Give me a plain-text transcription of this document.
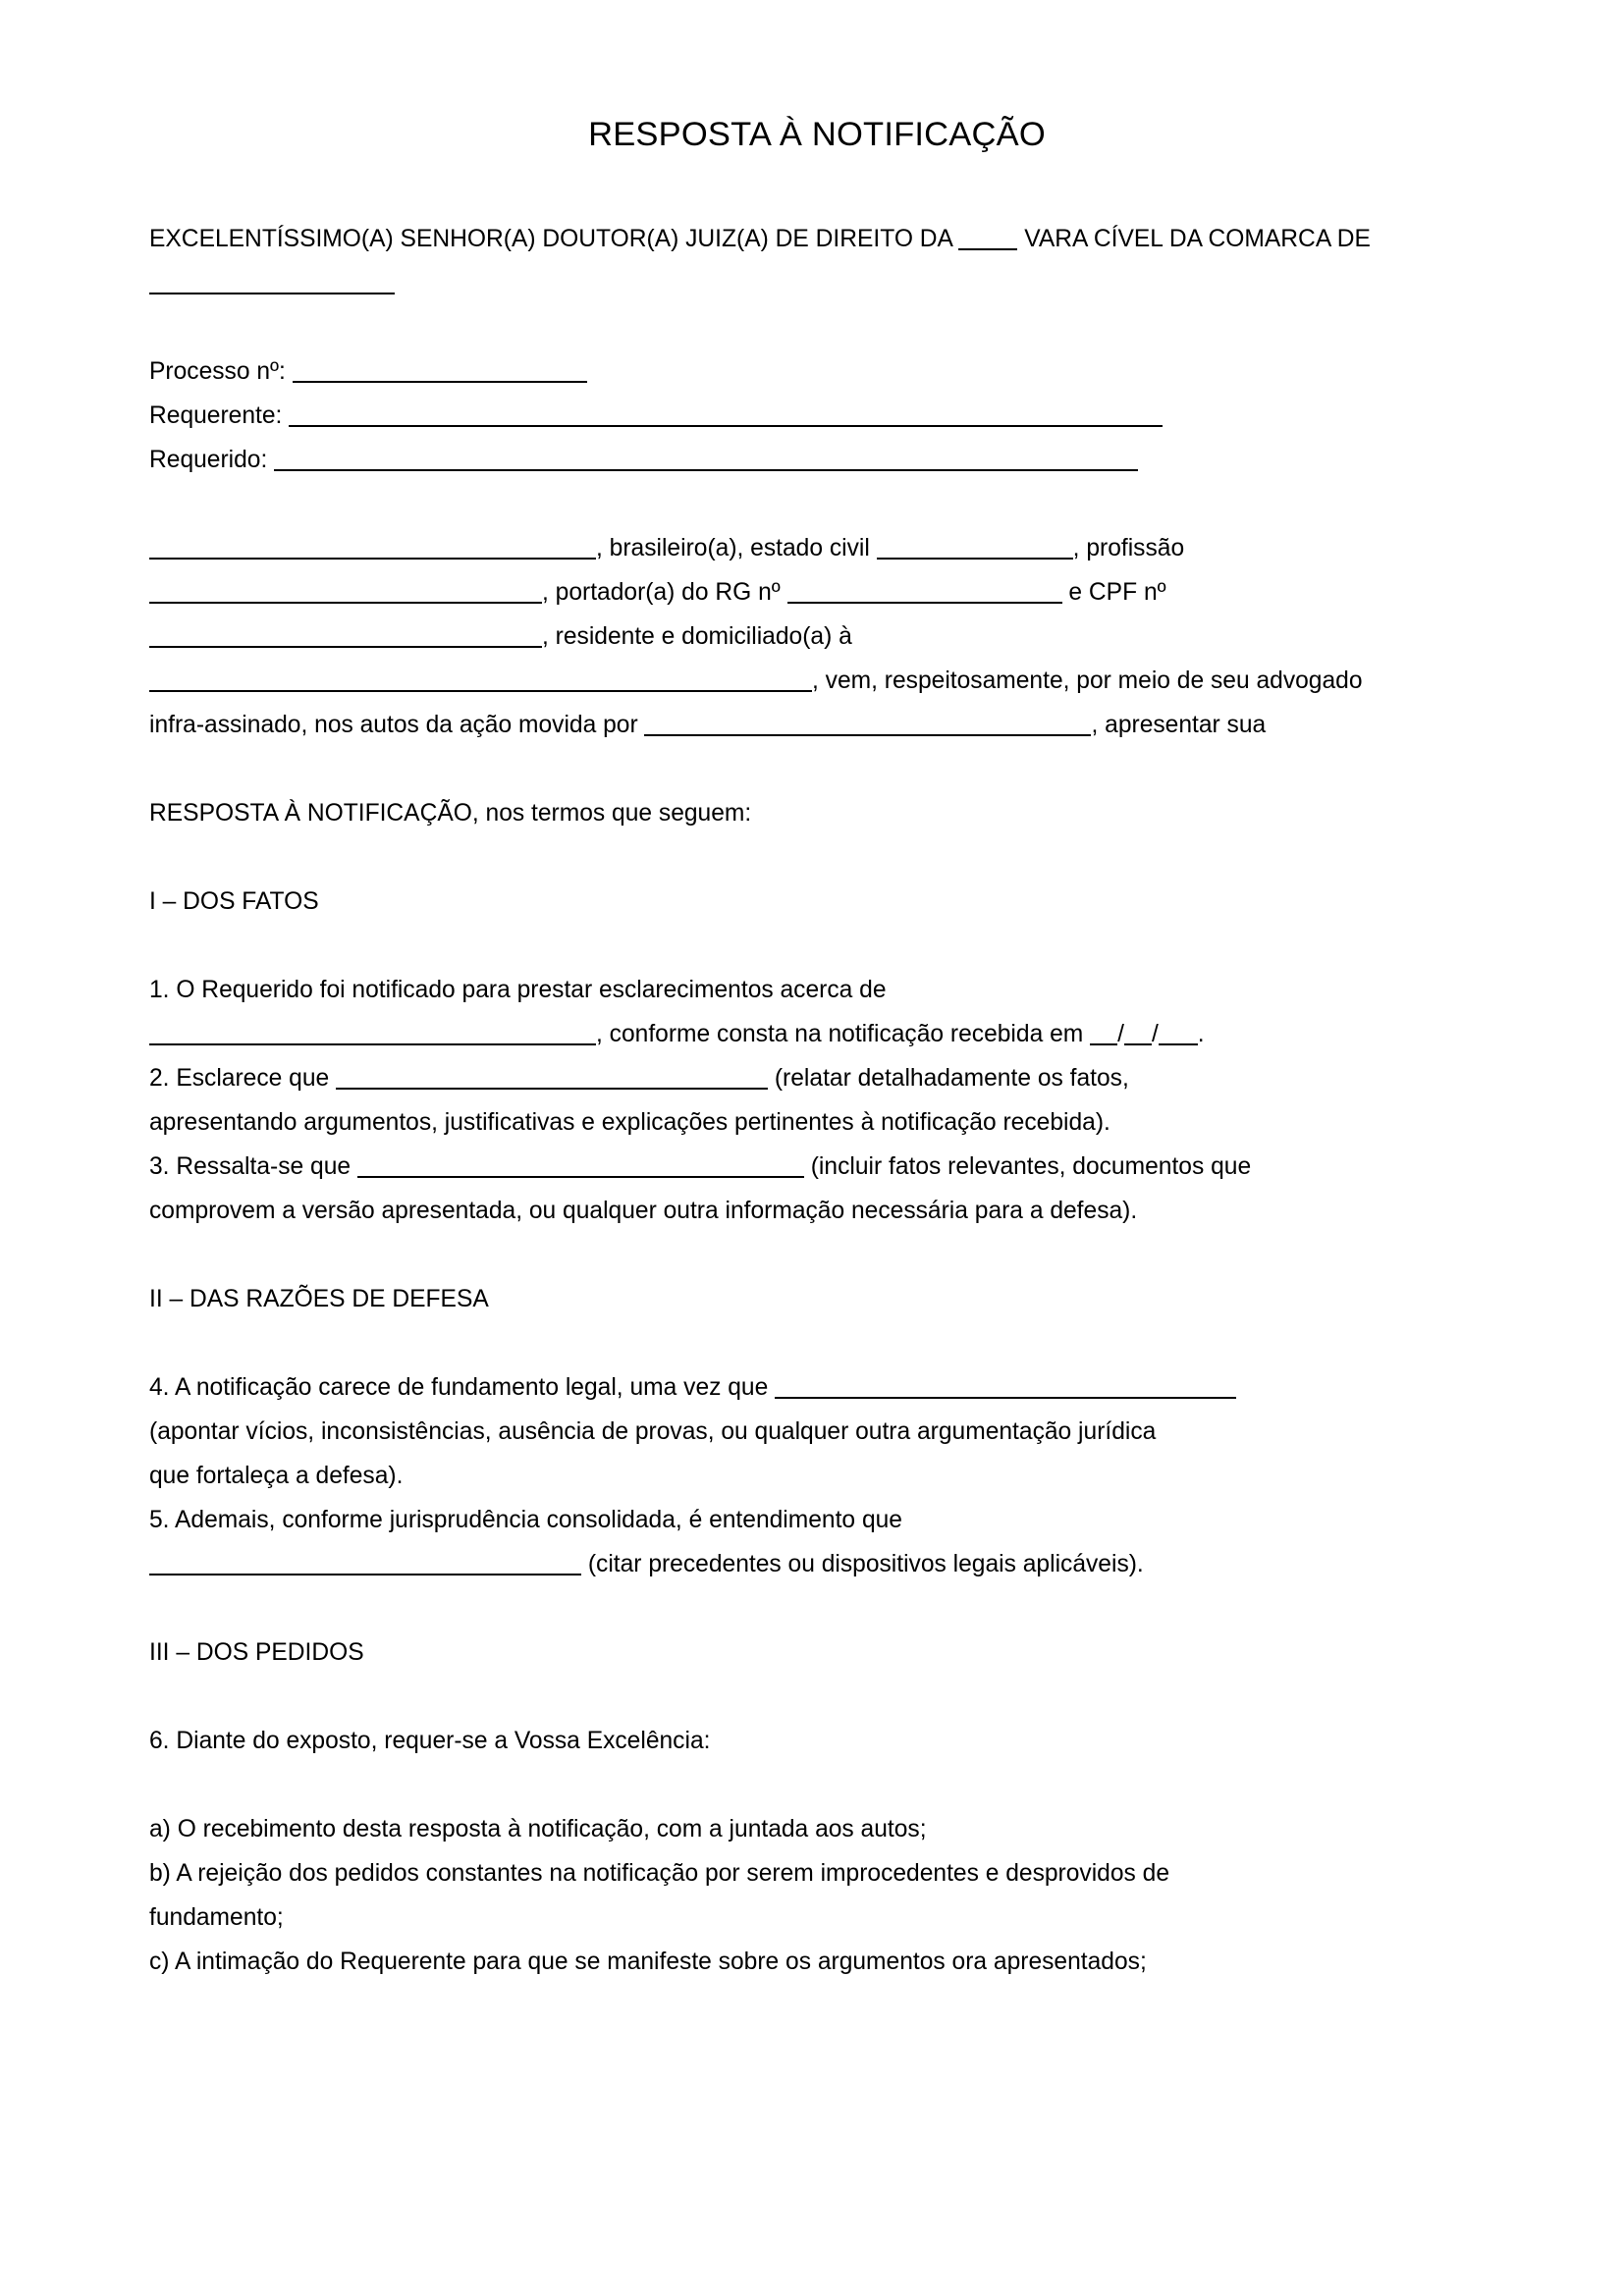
RESPOSTA À NOTIFICAÇÃO

EXCELENTÍSSIMO(A) SENHOR(A) DOUTOR(A) JUIZ(A) DE DIREITO DA  VARA CÍVEL DA COMARCA DE

Processo nº:

Requerente:

Requerido:

, brasileiro(a), estado civil	, profissão

, portador(a) do RG nº	e CPF nº

, residente e domiciliado(a) à

, vem, respeitosamente, por meio de seu advogado

infra-assinado, nos autos da ação movida por	, apresentar sua

RESPOSTA À NOTIFICAÇÃO, nos termos que seguem:

I – DOS FATOS

1. O Requerido foi notificado para prestar esclarecimentos acerca de

, conforme consta na notificação recebida em / / .

2. Esclarece que	(relatar detalhadamente os fatos,

apresentando argumentos, justificativas e explicações pertinentes à notificação recebida).

3. Ressalta-se que	(incluir fatos relevantes, documentos que

comprovem a versão apresentada, ou qualquer outra informação necessária para a defesa).

II – DAS RAZÕES DE DEFESA

4. A notificação carece de fundamento legal, uma vez que

(apontar vícios, inconsistências, ausência de provas, ou qualquer outra argumentação jurídica

que fortaleça a defesa).

5. Ademais, conforme jurisprudência consolidada, é entendimento que

(citar precedentes ou dispositivos legais aplicáveis).

III – DOS PEDIDOS

6. Diante do exposto, requer-se a Vossa Excelência:

a) O recebimento desta resposta à notificação, com a juntada aos autos;

b) A rejeição dos pedidos constantes na notificação por serem improcedentes e desprovidos de

fundamento;

c) A intimação do Requerente para que se manifeste sobre os argumentos ora apresentados;
